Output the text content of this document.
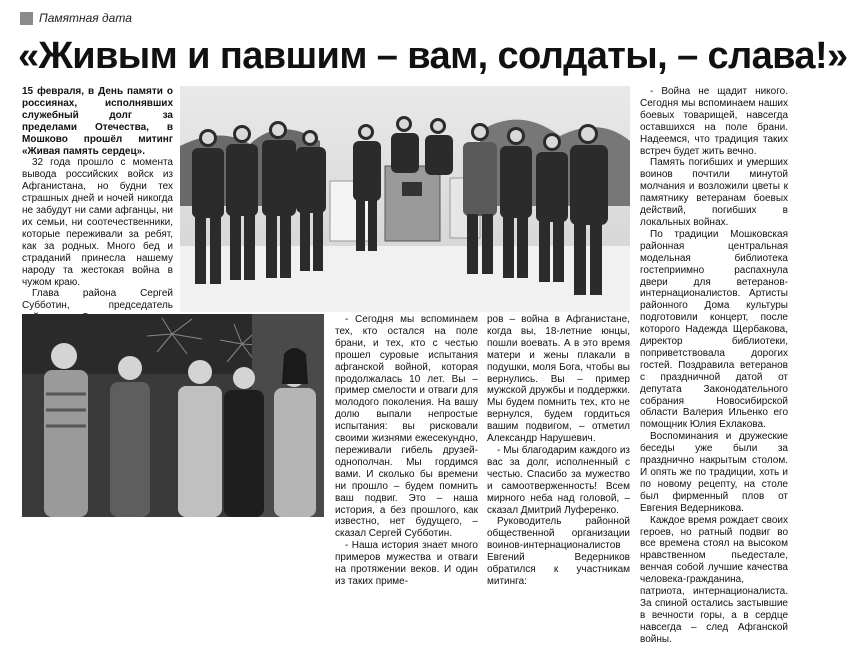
Памятная дата
«Живым и павшим – вам, солдаты, – слава!»

15 февраля, в День памяти о россиянах, исполнявших служебный долг за пределами Отечества, в Мошково прошёл митинг «Живая память сердец».

32 года прошло с момента вывода российских войск из Афганистана, но будни тех страшных дней и ночей никогда не забудут ни сами афганцы, ни их семьи, ни соотечественники, которые переживали за ребят, как за родных. Много бед и страданий принесла нашему народу та жестокая война в чужом краю.

Глава района Сергей Субботин, председатель

- Сегодня мы вспоминаем тех, кто остался на поле брани, и тех, кто с честью прошел суровые испытания афганской войной, которая продолжалась 10 лет. Вы – пример смелости и отваги для молодого поколения. На вашу долю выпали непростые испытания: вы рисковали своими жизнями ежесекундно, переживали гибель друзей-однополчан. Мы гордимся вами. И сколько бы времени ни прошло – будем помнить ваш подвиг. Это – наша история, а без прошлого, как известно, нет будущего, – сказал Сергей Субботин.

- Наша история знает много примеров мужества и отваги на протяжении веков. И один из таких приме-

ров – война в Афганистане, когда вы, 18-летние юнцы, пошли воевать. А в это время матери и жены плакали в подушки, моля Бога, чтобы вы вернулись. Вы – пример мужской дружбы и поддержки. Мы будем помнить тех, кто не вернулся, будем гордиться вашим подвигом, – отметил Александр Нарушевич.

- Мы благодарим каждого из вас за долг, исполненный с честью. Спасибо за мужество и самоотверженность! Всем мирного неба над головой, – сказал Дмитрий Луференко.

Руководитель районной общественной организации воинов-интернационалистов Евгений Ведерников обратился к участникам митинга:

- Война не щадит никого. Сегодня мы вспоминаем наших боевых товарищей, навсегда оставшихся на поле брани. Надеемся, что традиция таких встреч будет жить вечно.

Память погибших и умерших воинов почтили минутой молчания и возложили цветы к памятнику ветеранам боевых действий, погибших в локальных войнах.

По традиции Мошковская районная центральная модельная библиотека гостеприимно распахнула двери для ветеранов-интернационалистов. Артисты районного Дома культуры подготовили концерт, после которого Надежда Щербакова, директор библиотеки, поприветствовала дорогих гостей. Поздравила ветеранов с праздничной датой от депутата Законодательного собрания Новосибирской области Валерия Ильенко его помощник Юлия Ехлакова.

Воспоминания и дружеские беседы уже были за празднично накрытым столом. И опять же по традиции, хоть и по новому рецепту, на столе был фирменный плов от Евгения Ведерникова.

Каждое время рождает своих героев, но ратный подвиг во все времена стоял на высоком нравственном пьедестале, венчая собой лучшие качества человека-гражданина, патриота, интернационалиста. За спиной остались застывшие в вечности горы, а в сердце навсегда – след Афганской войны.
